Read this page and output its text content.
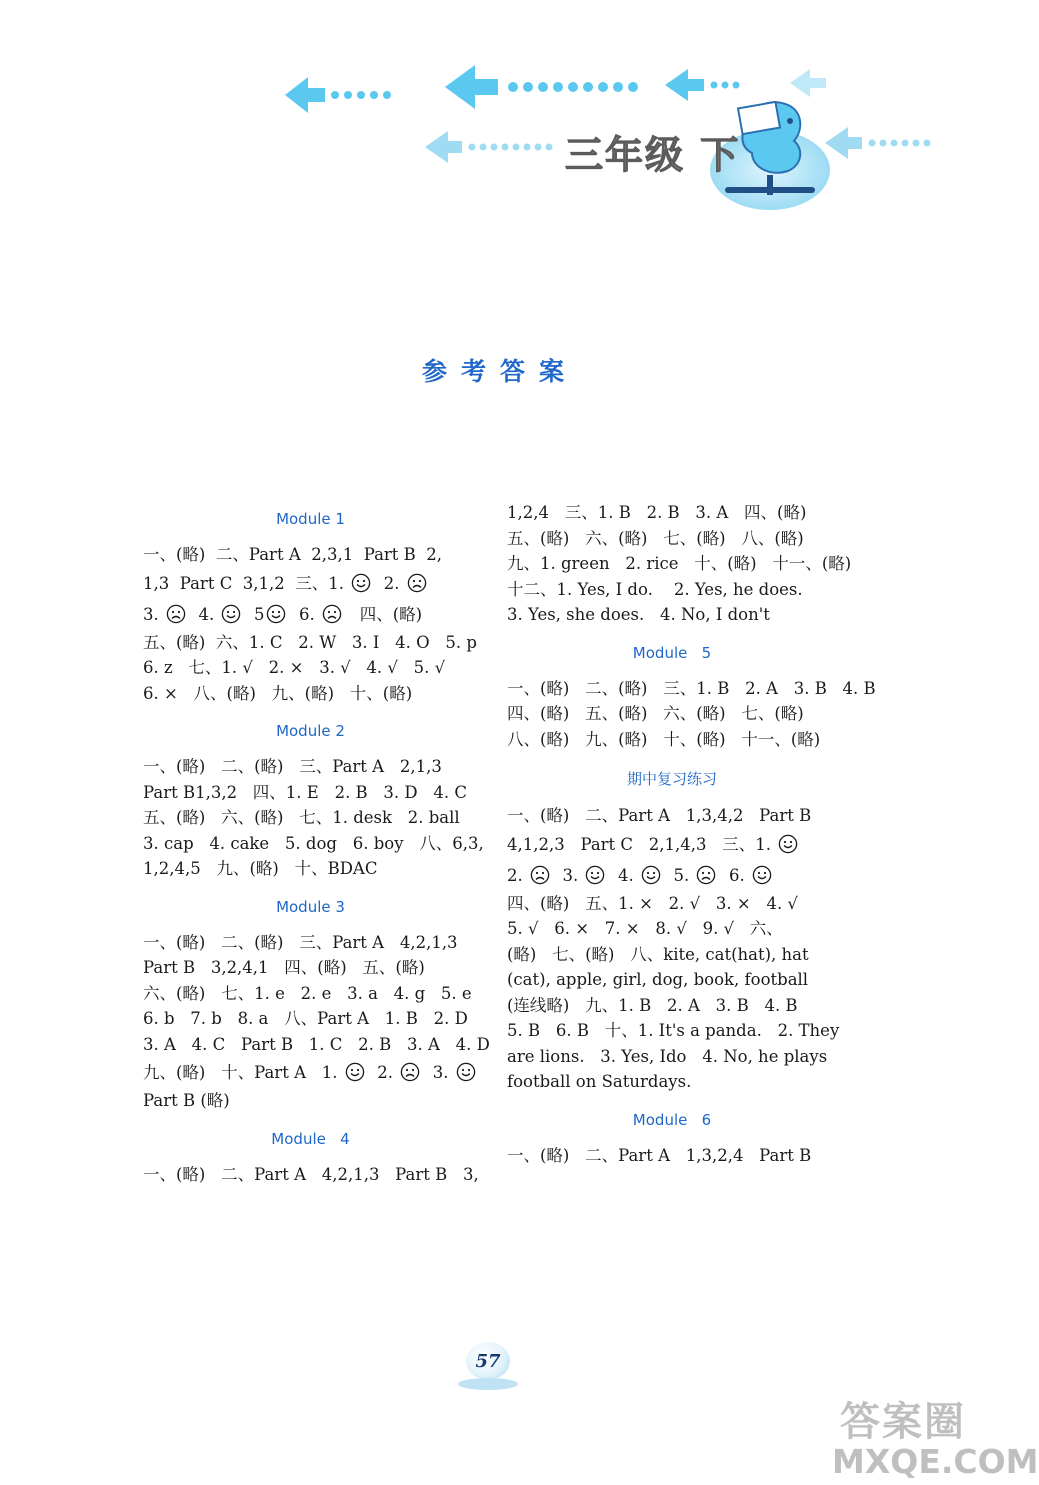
三年级 下
参考答案
Module 1
一、(略)  二、Part A  2,3,1  Part B  2,
1,3  Part C  3,1,2  三、1.   2.
3.   4.   5  6.    四、(略)
五、(略)  六、1. C   2. W   3. I   4. O   5. p
6. z   七、1. √   2. ×   3. √   4. √   5. √
6. ×   八、(略)   九、(略)   十、(略)
Module 2
一、(略)   二、(略)   三、Part A   2,1,3
Part B1,3,2   四、1. E   2. B   3. D   4. C
五、(略)   六、(略)   七、1. desk   2. ball
3. cap   4. cake   5. dog   6. boy   八、6,3,
1,2,4,5   九、(略)   十、BDAC
Module 3
一、(略)   二、(略)   三、Part A   4,2,1,3
Part B   3,2,4,1   四、(略)   五、(略)
六、(略)   七、1. e   2. e   3. a   4. g   5. e
6. b   7. b   8. a   八、Part A   1. B   2. D
3. A   4. C   Part B   1. C   2. B   3. A   4. D
九、(略)   十、Part A   1.   2.   3.
Part B (略)
Module   4
一、(略)   二、Part A   4,2,1,3   Part B   3,
1,2,4   三、1. B   2. B   3. A   四、(略)
五、(略)   六、(略)   七、(略)   八、(略)
九、1. green   2. rice   十、(略)   十一、(略)
十二、1. Yes, I do.    2. Yes, he does.
3. Yes, she does.   4. No, I don't
Module   5
一、(略)   二、(略)   三、1. B   2. A   3. B   4. B
四、(略)   五、(略)   六、(略)   七、(略)
八、(略)   九、(略)   十、(略)   十一、(略)
期中复习练习
一、(略)   二、Part A   1,3,4,2   Part B
4,1,2,3   Part C   2,1,4,3   三、1.
2.   3.   4.   5.   6.
四、(略)   五、1. ×   2. √   3. ×   4. √
5. √   6. ×   7. ×   8. √   9. √   六、
(略)   七、(略)   八、kite, cat(hat), hat
(cat), apple, girl, dog, book, football
(连线略)   九、1. B   2. A   3. B   4. B
5. B   6. B   十、1. It's a panda.   2. They
are lions.   3. Yes, Ido   4. No, he plays
football on Saturdays.
Module   6
一、(略)   二、Part A   1,3,2,4   Part B
57
答案圈
MXQE.COM
